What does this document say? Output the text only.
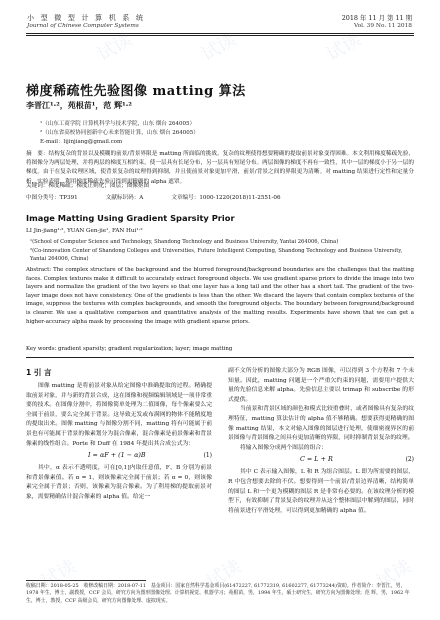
试读	试读	试读
试读	试读	试读
小 型 微 型 计 算 机 系 统
Journal of Chinese Computer Systems
2018 年 11 月 第 11 期
Vol. 39 No. 11 2018
梯度稀疏性先验图像 matting 算法
李晋江¹·²，苑根苗¹，范 辉¹·²
¹（山东工商学院 计算机科学与技术学院，山东 烟台 264005）
²（山东省高校协同创新中心未来智能计算，山东 烟台 264005）
E-mail：lijinjiang@gmail.com
摘　要：结构复杂的背景以及模糊的前景/背景界限是 matting 所面临的挑战。复杂的纹理使得想要精确的提取前景对象变得困难。本文利用梯度稀疏先验，将图像分为两层处理，并将两层的梯度互相约束，使一层具有长尾分布，另一层具有短尾分布。两层图像的梯度不再有一致性，其中一层的梯度小于另一层的梯度。由于在复杂纹理区域，使背景复杂的纹理得到抑制，并且使前景对象更加平滑，前景/背景之间的界限更为清晰。对 matting 结果进行定性和定量分析，实验表明，利用梯度稀疏先验可得到更精确的 alpha 遮罩。
关键词：梯度稀疏；梯度正则化；图层；图像抠图
中图分类号：TP391	文献标识码：A	文章编号：1000-1220(2018)11-2551-06
Image Matting Using Gradient Sparsity Prior
LI Jin-jiang¹·², YUAN Gen-jie¹, FAN Hui¹·²
¹(School of Computer Science and Technology, Shandong Technology and Business University, Yantai 264006, China)
²(Co-innovation Center of Shandong Colleges and Universities, Future Intelligent Computing, Shandong Technology and Business University, Yantai 264006, China)
Abstract: The complex structure of the background and the blurred foreground/background boundaries are the challenges that the matting faces. Complex textures make it difficult to accurately extract foreground objects. We use gradient sparse priors to divide the image into two layers and normalize the gradient of the two layers so that one layer has a long tail and the other has a short tail. The gradient of the two-layer image does not have consistency. One of the gradients is less than the other. We discard the layers that contain complex textures of the image, suppress the textures with complex backgrounds, and smooth the foreground objects. The boundary between foreground/background is clearer. We use a qualitative comparison and quantitative analysis of the matting results. Experiments have shown that we can get a higher-accuracy alpha mask by processing the image with gradient sparse priors.
Key words: gradient sparsity; gradient regularization; layer; image matting
1 引 言
图像 matting 是将前景对象从给定图像中准确提取的过程。精确提取前景对象，并与新的背景合成，这在图像和视频编辑领域是一项非常重要的技术。在图像分割中，将图像简单处理为二值图像，每个像素要么完全属于前景，要么完全属于背景。这导致无发或布满网的物体不能精度地的提取出来。图像 matting 与图像分割不同，matting 将有可能属于前景也有可能属于背景的像素划分为混合像素，混合像素是前景像素和背景像素的线性组合。Porte 和 Duff 在 1984 年提出其合成公式为：
I = αF + (1 − α)B	(1)
其中，α 表示不透明度，可在[0,1]内取任意值，F、B 分别为前景和背景像素值。若 α = 1，则该像素完全属于前景；若 α = 0，则该像素完全属于背景；否则，该像素为混合像素。为了利用梯的提取前景对象，需要精确估计混合像素的 alpha 值。给定一
副不文所分析的图像大部分为 RGB 图像，可以得到 3 个方程和 7 个未知量。因此，matting 问题是一个严重欠约束的问题，需要用户提供大量的先验信息来解 alpha。先验信息主要以 trimap 和 subscribe 的形式提供。
当前景和背景区域的颜色和模式比较重叠时，或者图像具有复杂的纹理特征，matting 算法估计的 alpha 值不够精确。想要获得更精确的图像 matting 结果，本文对输入图像的图层进行处理，使细密视界区的前景图像与背景图像之间具有更加清晰的界限，同时抑制背景复杂的纹理。
将输入图像分成两个图层的组合：
C = L + R	(2)
其中 C 表示输入图像，L 和 R 为组合图层。L 即为所需要的图层，R 中包含想要去除的不伏。想要得到一个前景/背景边界清晰，结构简单的图层 L 和一个更为模糊的图层 R 是非常有必要的。在该纹理分析的模型下，有效抑制了背景复杂的纹理并从这个整体图层中解到的图层，同时将前景进行平滑处理，可以得到更加精确的 alpha 值。
收稿日期：2018-05-25　收修改稿日期：2018-07-11　基金项目：国家自然科学基金项目(61472227, 61772319, 61602277, 61773244)资助。作者简介：李晋江，男，1978 年生，博士，副教授，CCF 会员，研究方向为图形图像处理、计算机视觉、机器学习；苑根苗，男，1994 年生，硕士研究生，研究方向为图像处理；范 辉，男，1962 年生，博士，教授，CCF 高级会员，研究方向图像处理、虚拟现实。
